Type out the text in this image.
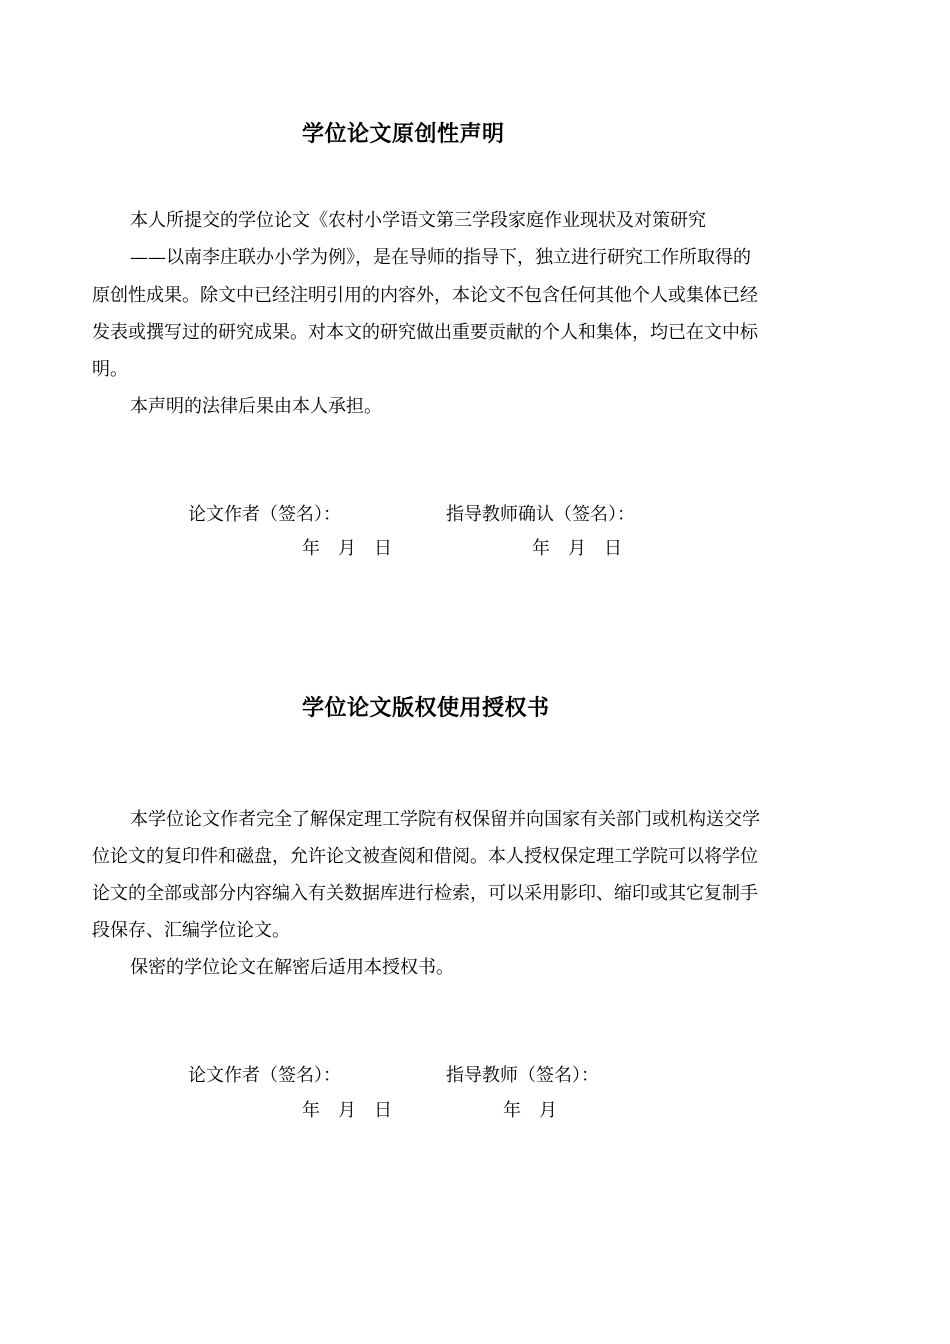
学位论文原创性声明

本人所提交的学位论文《农村小学语文第三学段家庭作业现状及对策研究

——以南李庄联办小学为例》，是在导师的指导下，独立进行研究工作所取得的

原创性成果。除文中已经注明引用的内容外，本论文不包含任何其他个人或集体已经

发表或撰写过的研究成果。对本文的研究做出重要贡献的个人和集体，均已在文中标

明。

本声明的法律后果由本人承担。

论文作者（签名）：	指导教师确认（签名）：

年　月　日	年　月　日

学位论文版权使用授权书

本学位论文作者完全了解保定理工学院有权保留并向国家有关部门或机构送交学

位论文的复印件和磁盘，允许论文被查阅和借阅。本人授权保定理工学院可以将学位

论文的全部或部分内容编入有关数据库进行检索，可以采用影印、缩印或其它复制手

段保存、汇编学位论文。

保密的学位论文在解密后适用本授权书。

论文作者（签名）：	指导教师（签名）：

年　月　日	年　月
